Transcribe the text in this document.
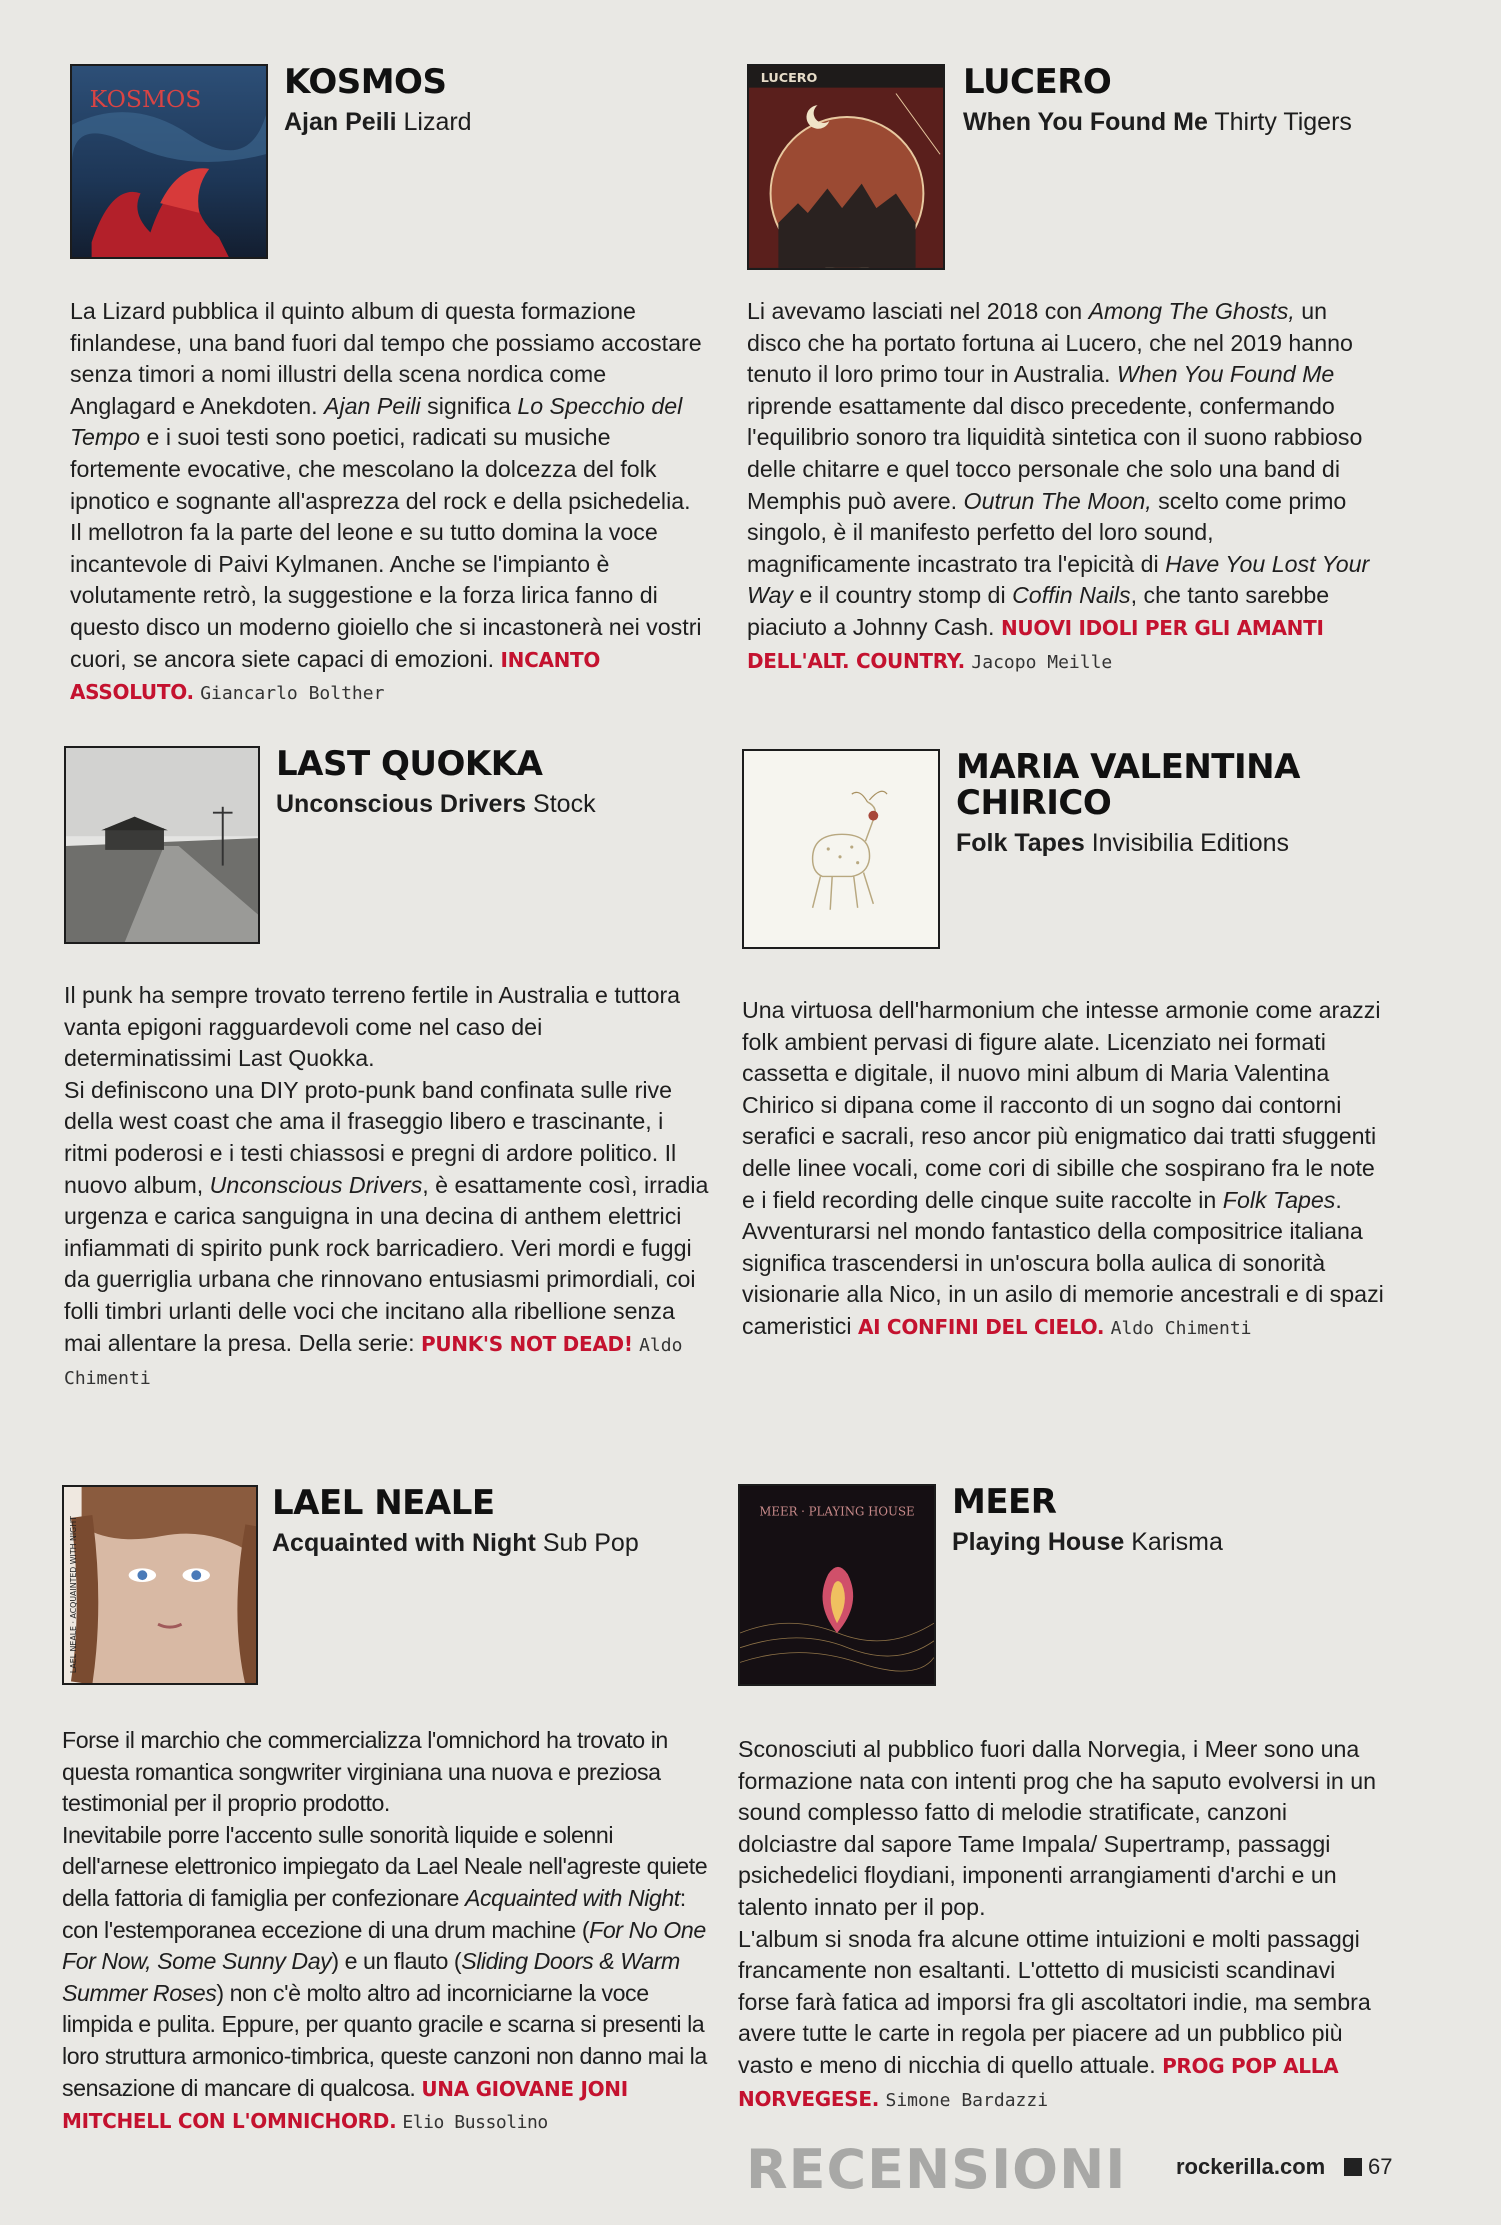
KOSMOS KOSMOS
Ajan Peili Lizard

La Lizard pubblica il quinto album di questa formazione finlandese, una band fuori dal tempo che possiamo accostare senza timori a nomi illustri della scena nordica come Anglagard e Anekdoten. Ajan Peili significa Lo Specchio del Tempo e i suoi testi sono poetici, radicati su musiche fortemente evocative, che mescolano la dolcezza del folk ipnotico e sognante all'asprezza del rock e della psichedelia. Il mellotron fa la parte del leone e su tutto domina la voce incantevole di Paivi Kylmanen. Anche se l'impianto è volutamente retrò, la suggestione e la forza lirica fanno di questo disco un moderno gioiello che si incastonerà nei vostri cuori, se ancora siete capaci di emozioni. INCANTO ASSOLUTO. Giancarlo Bolther

LUCERO	LUCERO
When You Found Me Thirty Tigers

Li avevamo lasciati nel 2018 con Among The Ghosts, un disco che ha portato fortuna ai Lucero, che nel 2019 hanno tenuto il loro primo tour in Australia. When You Found Me riprende esattamente dal disco precedente, confermando l'equilibrio sonoro tra liquidità sintetica con il suono rabbioso delle chitarre e quel tocco personale che solo una band di Memphis può avere. Outrun The Moon, scelto come primo singolo, è il manifesto perfetto del loro sound, magnificamente incastrato tra l'epicità di Have You Lost Your Way e il country stomp di Coffin Nails, che tanto sarebbe piaciuto a Johnny Cash. NUOVI IDOLI PER GLI AMANTI DELL'ALT. COUNTRY. Jacopo Meille

LAST QUOKKA
Unconscious Drivers Stock

Il punk ha sempre trovato terreno fertile in Australia e tuttora vanta epigoni ragguardevoli come nel caso dei determinatissimi Last Quokka.
Si definiscono una DIY proto-punk band confinata sulle rive della west coast che ama il fraseggio libero e trascinante, i ritmi poderosi e i testi chiassosi e pregni di ardore politico. Il nuovo album, Unconscious Drivers, è esattamente così, irradia urgenza e carica sanguigna in una decina di anthem elettrici infiammati di spirito punk rock barricadiero. Veri mordi e fuggi da guerriglia urbana che rinnovano entusiasmi primordiali, coi folli timbri urlanti delle voci che incitano alla ribellione senza mai allentare la presa. Della serie: PUNK'S NOT DEAD! Aldo Chimenti

MARIA VALENTINA CHIRICO
Folk Tapes Invisibilia Editions

Una virtuosa dell'harmonium che intesse armonie come arazzi folk ambient pervasi di figure alate. Licenziato nei formati cassetta e digitale, il nuovo mini album di Maria Valentina Chirico si dipana come il racconto di un sogno dai contorni serafici e sacrali, reso ancor più enigmatico dai tratti sfuggenti delle linee vocali, come cori di sibille che sospirano fra le note e i field recording delle cinque suite raccolte in Folk Tapes. Avventurarsi nel mondo fantastico della compositrice italiana significa trascendersi in un'oscura bolla aulica di sonorità visionarie alla Nico, in un asilo di memorie ancestrali e di spazi cameristici AI CONFINI DEL CIELO. Aldo Chimenti

LAEL NEALE · ACQUAINTED WITH NIGHT
LAEL NEALE
Acquainted with Night Sub Pop

Forse il marchio che commercializza l'omnichord ha trovato in questa romantica songwriter virginiana una nuova e preziosa testimonial per il proprio prodotto.
Inevitabile porre l'accento sulle sonorità liquide e solenni dell'arnese elettronico impiegato da Lael Neale nell'agreste quiete della fattoria di famiglia per confezionare Acquainted with Night: con l'estemporanea eccezione di una drum machine (For No One For Now, Some Sunny Day) e un flauto (Sliding Doors & Warm Summer Roses) non c'è molto altro ad incorniciarne la voce limpida e pulita. Eppure, per quanto gracile e scarna si presenti la loro struttura armonico-timbrica, queste canzoni non danno mai la sensazione di mancare di qualcosa. UNA GIOVANE JONI MITCHELL CON L'OMNICHORD. Elio Bussolino

MEER · PLAYING HOUSE MEER
Playing House Karisma

Sconosciuti al pubblico fuori dalla Norvegia, i Meer sono una formazione nata con intenti prog che ha saputo evolversi in un sound complesso fatto di melodie stratificate, canzoni dolciastre dal sapore Tame Impala/ Supertramp, passaggi psichedelici floydiani, imponenti arrangiamenti d'archi e un talento innato per il pop.
L'album si snoda fra alcune ottime intuizioni e molti passaggi francamente non esaltanti. L'ottetto di musicisti scandinavi forse farà fatica ad imporsi fra gli ascoltatori indie, ma sembra avere tutte le carte in regola per piacere ad un pubblico più vasto e meno di nicchia di quello attuale. PROG POP ALLA NORVEGESE. Simone Bardazzi

RECENSIONI rockerilla.com 67
